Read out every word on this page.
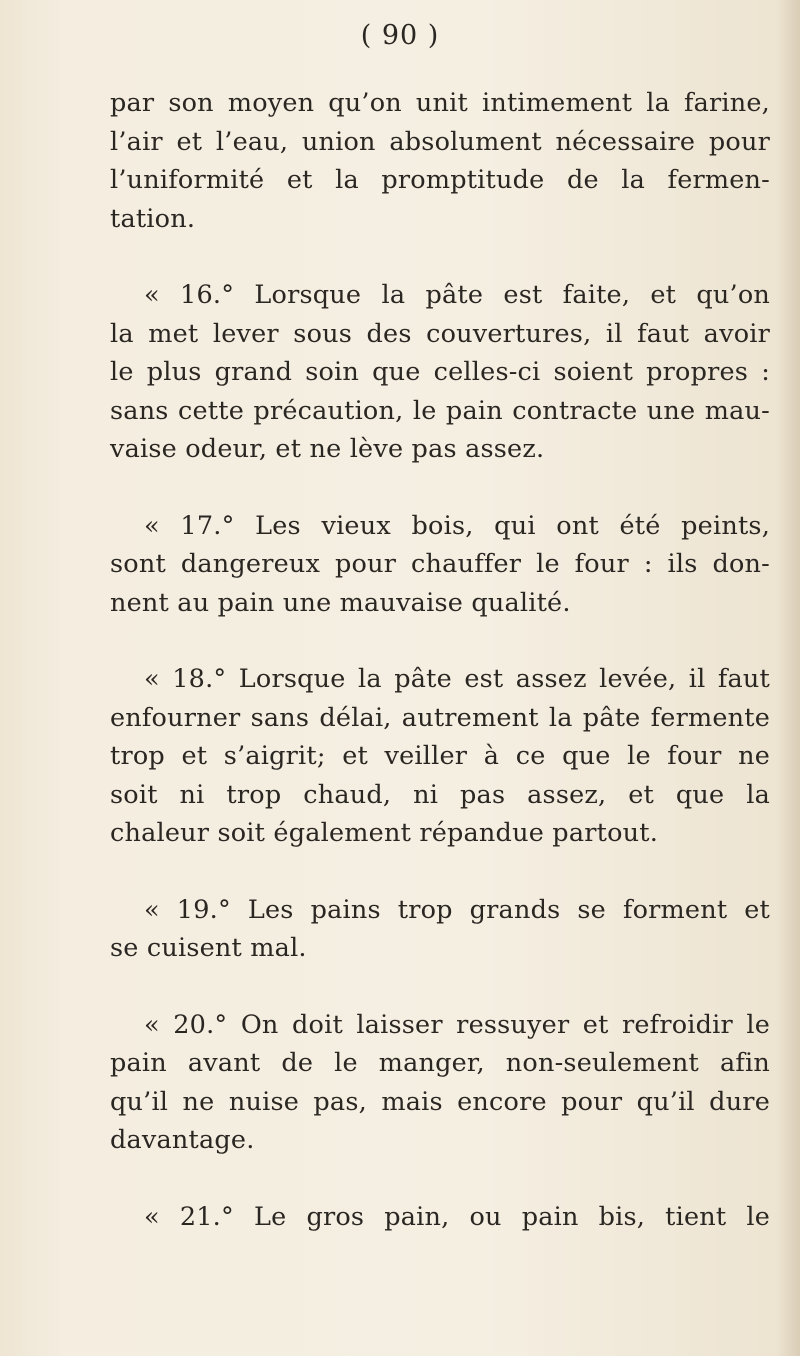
( 90 )
par son moyen qu’on unit intimement la farine,
l’air et l’eau, union absolument nécessaire pour
l’uniformité et la promptitude de la fermen-
tation.
« 16.° Lorsque la pâte est faite, et qu’on
la met lever sous des couvertures, il faut avoir
le plus grand soin que celles-ci soient propres :
sans cette précaution, le pain contracte une mau-
vaise odeur, et ne lève pas assez.
« 17.° Les vieux bois, qui ont été peints,
sont dangereux pour chauffer le four : ils don-
nent au pain une mauvaise qualité.
« 18.° Lorsque la pâte est assez levée, il faut
enfourner sans délai, autrement la pâte fermente
trop et s’aigrit; et veiller à ce que le four ne
soit ni trop chaud, ni pas assez, et que la
chaleur soit également répandue partout.
« 19.° Les pains trop grands se forment et
se cuisent mal.
« 20.° On doit laisser ressuyer et refroidir le
pain avant de le manger, non-seulement afin
qu’il ne nuise pas, mais encore pour qu’il dure
davantage.
« 21.° Le gros pain, ou pain bis, tient le
